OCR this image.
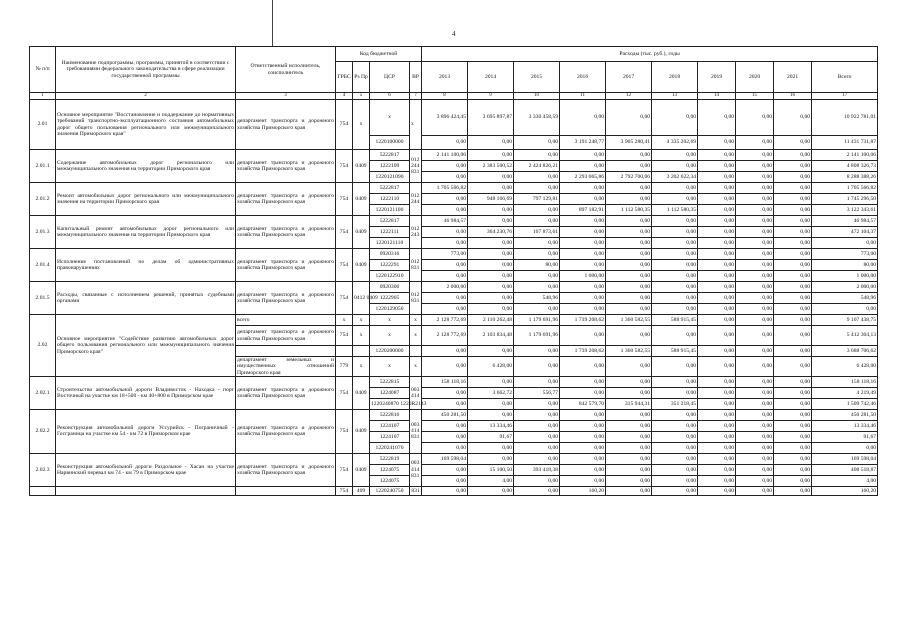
4
№ п/п	Наименование подпрограммы, программы, принятой в соответствии с требованиями федерального законодательства в сфере реализации государственной программы	Ответственный исполнитель, соисполнитель	Код бюджетной				Расходы (тыс. руб.), годы									
			ГРБС	Рз Пр	ЦСР	ВР	2013	2014	2015	2016	2017	2018	2019	2020	2021	Всего
1	2	3	4	5	6	7	8	9	10	11	12	13	14	15	16	17
2.01	Основное мероприятие "Восстановление и поддержание до нормативных требований транспортно-эксплуатационного состояния автомобильных дорог общего пользования регионального или межмуниципального значения Приморского края"	департамент транспорта и дорожного хозяйства Приморского края	754	x	x	x	3 896 424,45	3 695 897,87	3 330 458,59	0,00	0,00	0,00	0,00	0,00	0,00	10 922 781,01
					1220100000		0,00	0,00	0,00	3 191 248,77	3 905 280,41	4 335 202,69	0,00	0,00	0,00	11 431 731,87
2.01.1	Содержание автомобильных дорог регионального или межмуниципального значения на территории Приморского края	департамент транспорта и дорожного хозяйства Приморского края	754	0409	5222817	012 244 831	2 141 100,06	0,00	0,00	0,00	0,00	0,00	0,00	0,00	0,00	2 141 100,06
					1222109		0,00	2 383 500,52	2 424 826,21	0,00	0,00	0,00	0,00	0,00	0,00	4 808 326,73
					1220121090		0,00	0,00	0,00	2 293 065,86	2 792 700,06	3 202 622,34	0,00	0,00	0,00	8 288 388,26
2.01.2	Ремонт автомобильных дорог регионального или межмуниципального значения на территории Приморского края	департамент транспорта и дорожного хозяйства Приморского края	754	0409	5222817	012 244	1 705 566,82	0,00	0,00	0,00	0,00	0,00	0,00	0,00	0,00	1 705 566,82
					1222110		0,00	948 166,69	797 129,81	0,00	0,00	0,00	0,00	0,00	0,00	1 745 296,50
					1220121100		0,00	0,00	0,00	897 182,91	1 112 580,35	1 112 580,35	0,00	0,00	0,00	3 122 343,61
2.01.3	Капитальный ремонт автомобильных дорог регионального или межмуниципального значения на территории Приморского края	департамент транспорта и дорожного хозяйства Приморского края	754	0409	5222817	012 243	46 984,57	0,00	0,00	0,00	0,00	0,00	0,00	0,00	0,00	46 984,57
					1222111		0,00	364 230,76	107 873,61	0,00	0,00	0,00	0,00	0,00	0,00	472 104,37
					1220121110		0,00	0,00	0,00	0,00	0,00	0,00	0,00	0,00	0,00	0,00
2.01.4	Исполнение постановлений по делам об административных правонарушениях	департамент транспорта и дорожного хозяйства Приморского края	754	0409	0920316	012 831	773,00	0,00	0,00	0,00	0,00	0,00	0,00	0,00	0,00	773,00
					1222291		0,00	0,00	80,00	0,00	0,00	0,00	0,00	0,00	0,00	80,00
					1220122910		0,00	0,00	0,00	1 000,00	0,00	0,00	0,00	0,00	0,00	1 000,00
2.01.5	Расходы, связанные с исполнением решений, принятых судебными органами	департамент транспорта и дорожного хозяйства Приморского края	754	0412 0409	0920306	012 831	2 000,00	0,00	0,00	0,00	0,00	0,00	0,00	0,00	0,00	2 000,00
					1222905		0,00	0,00	548,96	0,00	0,00	0,00	0,00	0,00	0,00	548,96
					1220129050		0,00	0,00	0,00	0,00	0,00	0,00	0,00	0,00	0,00	0,00
2.02	Основное мероприятие "Содействие развитию автомобильных дорог общего пользования регионального или межмуниципального значения Приморского края"	всего	x	x	x	x	2 128 772,69	2 110 262,48	1 179 691,96	1 739 208,62	1 360 582,55	588 915,45	0,00	0,00	0,00	9 107 438,75
		департамент транспорта и дорожного хозяйства Приморского края	754	x	x	x	2 128 772,69	2 103 834,48	1 179 691,96	0,00	0,00	0,00	0,00	0,00	0,00	5 412 304,13
					1220200000		0,00	0,00	0,00	1 739 208,62	1 360 582,55	588 915,45	0,00	0,00	0,00	3 688 706,62
		департамент земельных и имущественных отношений Приморского края	779	x	x	x	0,00	6 428,00	0,00	0,00	0,00	0,00	0,00	0,00	0,00	6 428,00
2.02.1	Строительство автомобильной дороги Владивосток - Находка - порт Восточный на участке км 18+500 - км 40+800 в Приморском крае	департамент транспорта и дорожного хозяйства Приморского края	754	0409	5222815	003 414	158 118,16	0,00	0,00	0,00	0,00	0,00	0,00	0,00	0,00	158 118,16
					1224087		0,00	3 662,72	556,77	0,00	0,00	0,00	0,00	0,00	0,00	4 219,49
					1220240870 1220R2143		0,00	0,00	0,00	842 579,70	315 944,31	351 218,45	0,00	0,00	0,00	1 509 742,46
2.02.2	Реконструкция автомобильной дороги Уссурийск - Пограничный - Госграница на участке км 54 - км 72 в Приморском крае	департамент транспорта и дорожного хозяйства Приморского края	754	0409	5222816	003 414 831	450 281,50	0,00	0,00	0,00	0,00	0,00	0,00	0,00	0,00	450 281,50
					1224107		0,00	13 334,46	0,00	0,00	0,00	0,00	0,00	0,00	0,00	13 334,46
					1224107		0,00	91,67	0,00	0,00	0,00	0,00	0,00	0,00	0,00	91,67
					1220241070		0,00	0,00	0,00	0,00	0,00	0,00	0,00	0,00	0,00	0,00
2.02.3	Реконструкция автомобильной дороги Раздольное - Хасан на участке Нарвинский перевал км 74 - км 79 в Приморском крае	департамент транспорта и дорожного хозяйства Приморского края	754	0409	5222819	003 414 831	169 598,04	0,00	0,00	0,00	0,00	0,00	0,00	0,00	0,00	169 598,04
					1224075		0,00	15 100,50	393 418,38	0,00	0,00	0,00	0,00	0,00	0,00	408 518,87
					1224075		0,00	4,00	0,00	0,00	0,00	0,00	0,00	0,00	0,00	4,00
			754	409	1220240750	831	0,00	0,00	0,00	160,20	0,00	0,00	0,00	0,00	0,00	160,20
